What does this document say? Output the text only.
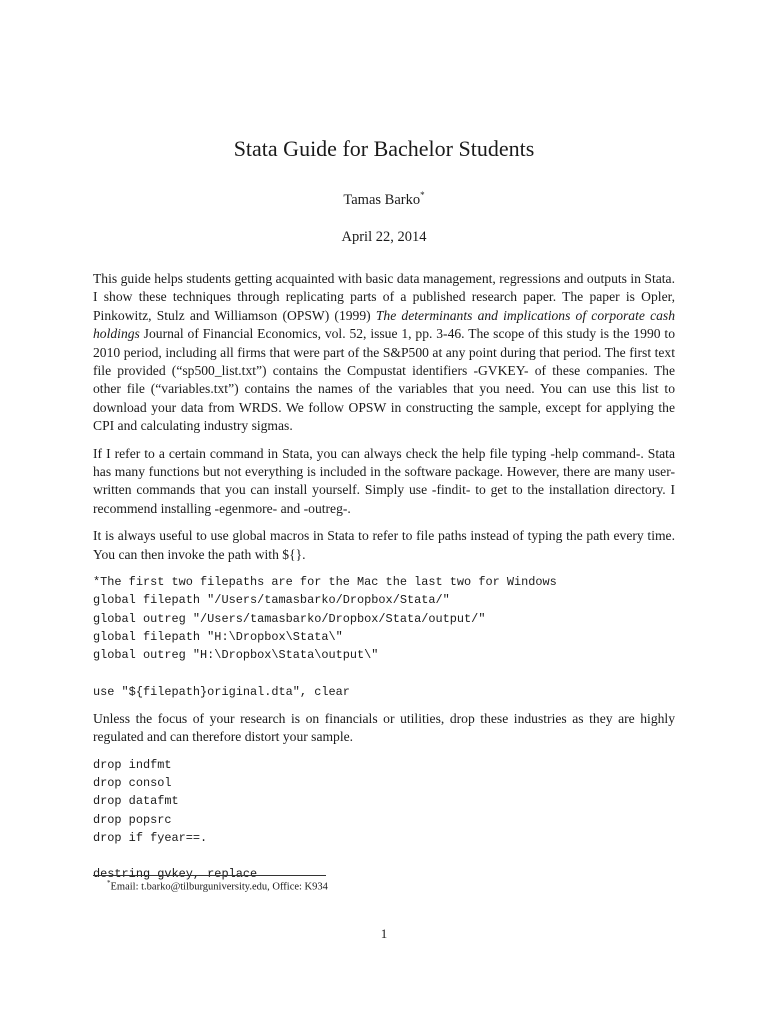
Stata Guide for Bachelor Students
Tamas Barko*
April 22, 2014

This guide helps students getting acquainted with basic data management, regressions and outputs in Stata. I show these techniques through replicating parts of a published research paper. The paper is Opler, Pinkowitz, Stulz and Williamson (OPSW) (1999) The determinants and implications of corporate cash holdings Journal of Financial Economics, vol. 52, issue 1, pp. 3-46. The scope of this study is the 1990 to 2010 period, including all firms that were part of the S&P500 at any point during that period. The first text file provided (“sp500_list.txt”) contains the Compustat identifiers -GVKEY- of these companies. The other file (“variables.txt”) contains the names of the variables that you need. You can use this list to download your data from WRDS. We follow OPSW in constructing the sample, except for applying the CPI and calculating industry sigmas.

If I refer to a certain command in Stata, you can always check the help file typing -help command-. Stata has many functions but not everything is included in the software package. However, there are many user-written commands that you can install yourself. Simply use -findit- to get to the installation directory. I recommend installing -egenmore- and -outreg-.

It is always useful to use global macros in Stata to refer to file paths instead of typing the path every time. You can then invoke the path with ${}.

*The first two filepaths are for the Mac the last two for Windows
global filepath "/Users/tamasbarko/Dropbox/Stata/"
global outreg "/Users/tamasbarko/Dropbox/Stata/output/"
global filepath "H:\Dropbox\Stata\"
global outreg "H:\Dropbox\Stata\output\"
use "${filepath}original.dta", clear

Unless the focus of your research is on financials or utilities, drop these industries as they are highly regulated and can therefore distort your sample.

drop indfmt
drop consol
drop datafmt
drop popsrc
drop if fyear==.
destring gvkey, replace
*Email: t.barko@tilburguniversity.edu, Office: K934
1
